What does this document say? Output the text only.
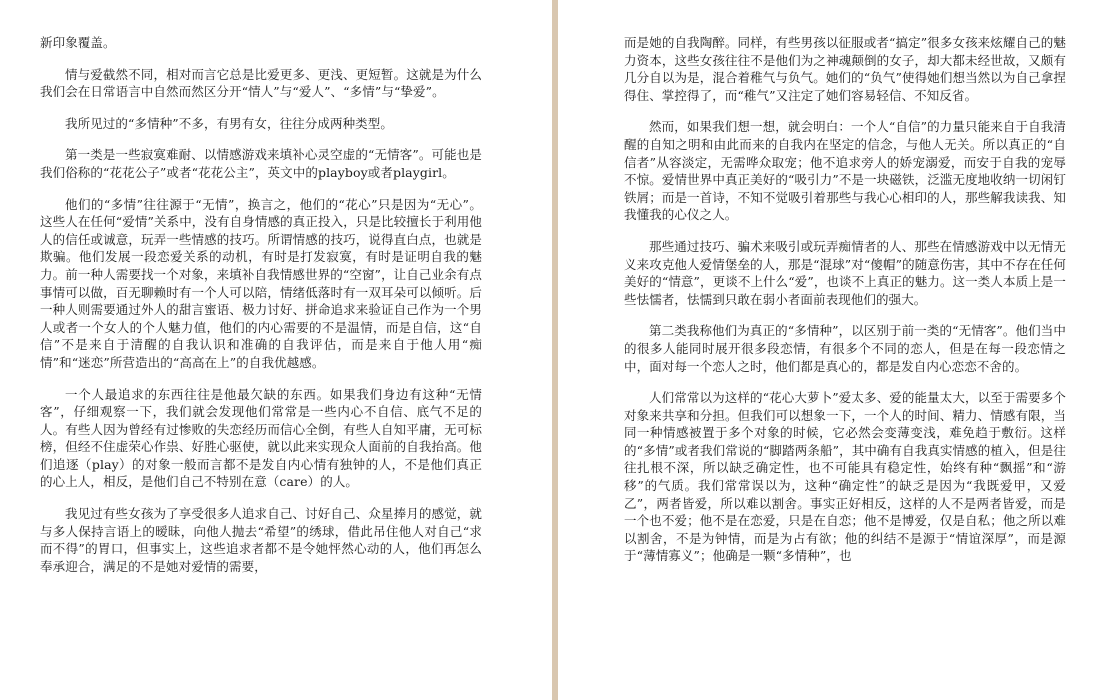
新印象覆盖。

情与爱截然不同，相对而言它总是比爱更多、更浅、更短暂。这就是为什么我们会在日常语言中自然而然区分开“情人”与“爱人”、“多情”与“挚爱”。

我所见过的“多情种”不多，有男有女，往往分成两种类型。

第一类是一些寂寞难耐、以情感游戏来填补心灵空虚的“无情客”。可能也是我们俗称的“花花公子”或者“花花公主”，英文中的playboy或者playgirl。

他们的“多情”往往源于“无情”，换言之，他们的“花心”只是因为“无心”。这些人在任何“爱情”关系中，没有自身情感的真正投入，只是比较擅长于利用他人的信任或诚意，玩弄一些情感的技巧。所谓情感的技巧，说得直白点，也就是欺骗。他们发展一段恋爱关系的动机，有时是打发寂寞，有时是证明自我的魅力。前一种人需要找一个对象，来填补自我情感世界的“空窗”，让自己业余有点事情可以做，百无聊赖时有一个人可以陪，情绪低落时有一双耳朵可以倾听。后一种人则需要通过外人的甜言蜜语、极力讨好、拼命追求来验证自己作为一个男人或者一个女人的个人魅力值，他们的内心需要的不是温情，而是自信，这“自信”不是来自于清醒的自我认识和准确的自我评估，而是来自于他人用“痴情”和“迷恋”所营造出的“高高在上”的自我优越感。

一个人最追求的东西往往是他最欠缺的东西。如果我们身边有这种“无情客”，仔细观察一下，我们就会发现他们常常是一些内心不自信、底气不足的人。有些人因为曾经有过惨败的失恋经历而信心全倒，有些人自知平庸，无可标榜，但经不住虚荣心作祟、好胜心驱使，就以此来实现众人面前的自我抬高。他们追逐（play）的对象一般而言都不是发自内心情有独钟的人，不是他们真正的心上人，相反，是他们自己不特别在意（care）的人。

我见过有些女孩为了享受很多人追求自己、讨好自己、众星捧月的感觉，就与多人保持言语上的暧昧，向他人抛去“希望”的绣球，借此吊住他人对自己“求而不得”的胃口，但事实上，这些追求者都不是令她怦然心动的人，他们再怎么奉承迎合，满足的不是她对爱情的需要，

而是她的自我陶醉。同样，有些男孩以征服或者“搞定”很多女孩来炫耀自己的魅力资本，这些女孩往往不是他们为之神魂颠倒的女子，却大都未经世故，又颇有几分自以为是，混合着稚气与负气。她们的“负气”使得她们想当然以为自己拿捏得住、掌控得了，而“稚气”又注定了她们容易轻信、不知反省。

然而，如果我们想一想，就会明白：一个人“自信”的力量只能来自于自我清醒的自知之明和由此而来的自我内在坚定的信念，与他人无关。所以真正的“自信者”从容淡定，无需哗众取宠；他不追求旁人的娇宠溺爱，而安于自我的宠辱不惊。爱情世界中真正美好的“吸引力”不是一块磁铁，泛滥无度地收纳一切闲钉铁屑；而是一首诗，不知不觉吸引着那些与我心心相印的人，那些解我读我、知我懂我的心仪之人。

那些通过技巧、骗术来吸引或玩弄痴情者的人、那些在情感游戏中以无情无义来攻克他人爱情堡垒的人，那是“混球”对“傻帽”的随意伤害，其中不存在任何美好的“情意”，更谈不上什么“爱”，也谈不上真正的魅力。这一类人本质上是一些怯懦者，怯懦到只敢在弱小者面前表现他们的强大。

第二类我称他们为真正的“多情种”，以区别于前一类的“无情客”。他们当中的很多人能同时展开很多段恋情，有很多个不同的恋人，但是在每一段恋情之中，面对每一个恋人之时，他们都是真心的，都是发自内心恋恋不舍的。

人们常常以为这样的“花心大萝卜”爱太多、爱的能量太大，以至于需要多个对象来共享和分担。但我们可以想象一下，一个人的时间、精力、情感有限，当同一种情感被置于多个对象的时候，它必然会变薄变浅，难免趋于敷衍。这样的“多情”或者我们常说的“脚踏两条船”，其中确有自我真实情感的植入，但是往往扎根不深，所以缺乏确定性，也不可能具有稳定性，始终有种“飘摇”和“游移”的气质。我们常常误以为，这种“确定性”的缺乏是因为“我既爱甲，又爱乙”，两者皆爱，所以难以割舍。事实正好相反，这样的人不是两者皆爱，而是一个也不爱；他不是在恋爱，只是在自恋；他不是博爱，仅是自私；他之所以难以割舍，不是为钟情，而是为占有欲；他的纠结不是源于“情谊深厚”，而是源于“薄情寡义”；他确是一颗“多情种”，也
